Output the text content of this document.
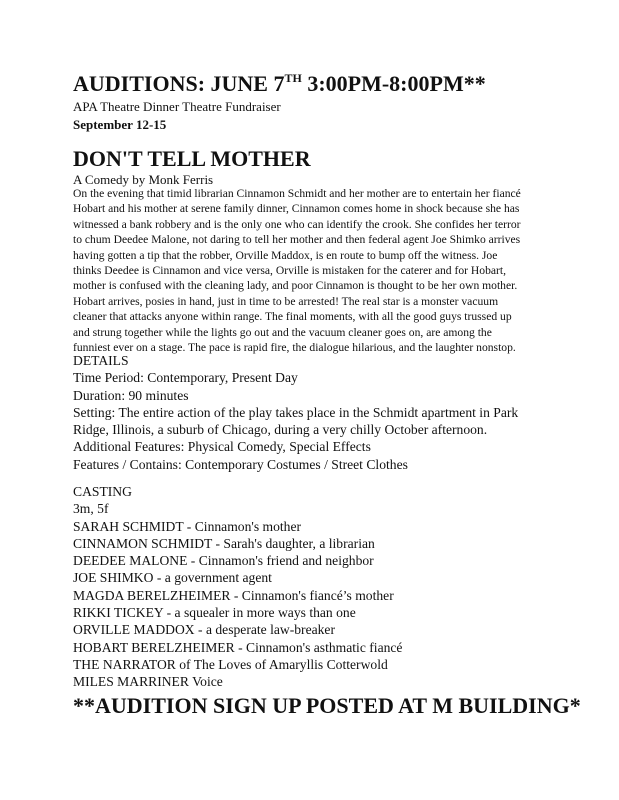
AUDITIONS: JUNE 7TH 3:00PM-8:00PM**
APA Theatre Dinner Theatre Fundraiser
September 12-15
DON'T TELL MOTHER
A Comedy by Monk Ferris
On the evening that timid librarian Cinnamon Schmidt and her mother are to entertain her fiancé
Hobart and his mother at serene family dinner, Cinnamon comes home in shock because she has
witnessed a bank robbery and is the only one who can identify the crook. She confides her terror
to chum Deedee Malone, not daring to tell her mother and then federal agent Joe Shimko arrives
having gotten a tip that the robber, Orville Maddox, is en route to bump off the witness. Joe
thinks Deedee is Cinnamon and vice versa, Orville is mistaken for the caterer and for Hobart,
mother is confused with the cleaning lady, and poor Cinnamon is thought to be her own mother.
Hobart arrives, posies in hand, just in time to be arrested! The real star is a monster vacuum
cleaner that attacks anyone within range. The final moments, with all the good guys trussed up
and strung together while the lights go out and the vacuum cleaner goes on, are among the
funniest ever on a stage. The pace is rapid fire, the dialogue hilarious, and the laughter nonstop.
DETAILS
Time Period: Contemporary, Present Day
Duration: 90 minutes
Setting: The entire action of the play takes place in the Schmidt apartment in Park
Ridge, Illinois, a suburb of Chicago, during a very chilly October afternoon.
Additional Features: Physical Comedy, Special Effects
Features / Contains: Contemporary Costumes / Street Clothes
CASTING
3m, 5f
SARAH SCHMIDT - Cinnamon's mother
CINNAMON SCHMIDT - Sarah's daughter, a librarian
DEEDEE MALONE - Cinnamon's friend and neighbor
JOE SHIMKO - a government agent
MAGDA BERELZHEIMER - Cinnamon's fiancé’s mother
RIKKI TICKEY - a squealer in more ways than one
ORVILLE MADDOX - a desperate law-breaker
HOBART BERELZHEIMER - Cinnamon's asthmatic fiancé
THE NARRATOR of The Loves of Amaryllis Cotterwold
MILES MARRINER Voice
**AUDITION SIGN UP POSTED AT M BUILDING*
